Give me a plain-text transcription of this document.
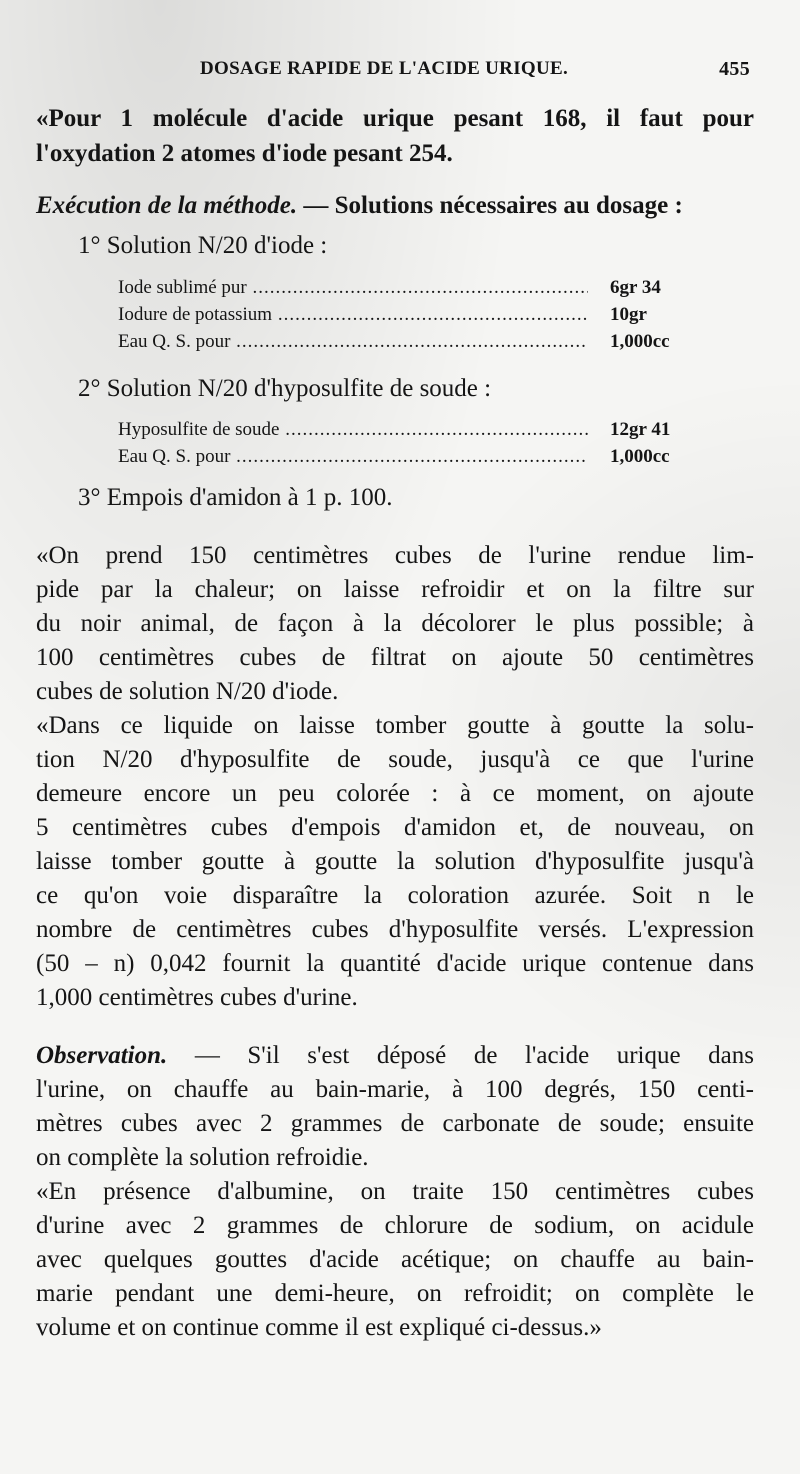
DOSAGE RAPIDE DE L'ACIDE URIQUE.	455
«Pour 1 molécule d'acide urique pesant 168, il faut pour
l'oxydation 2 atomes d'iode pesant 254.
Exécution de la méthode. — Solutions nécessaires au dosage :
1° Solution N/20 d'iode :
Iode sublimé pur .....	6gr 34
Iodure de potassium .....	10gr
Eau Q. S. pour .....	1,000cc
2° Solution N/20 d'hyposulfite de soude :
Hyposulfite de soude .....	12gr 41
Eau Q. S. pour .....	1,000cc
3° Empois d'amidon à 1 p. 100.
«On prend 150 centimètres cubes de l'urine rendue lim-
pide par la chaleur; on laisse refroidir et on la filtre sur
du noir animal, de façon à la décolorer le plus possible; à
100 centimètres cubes de filtrat on ajoute 50 centimètres
cubes de solution N/20 d'iode.
«Dans ce liquide on laisse tomber goutte à goutte la solu-
tion N/20 d'hyposulfite de soude, jusqu'à ce que l'urine
demeure encore un peu colorée : à ce moment, on ajoute
5 centimètres cubes d'empois d'amidon et, de nouveau, on
laisse tomber goutte à goutte la solution d'hyposulfite jusqu'à
ce qu'on voie disparaître la coloration azurée. Soit n le
nombre de centimètres cubes d'hyposulfite versés. L'expression
(50 – n) 0,042 fournit la quantité d'acide urique contenue dans
1,000 centimètres cubes d'urine.
Observation. — S'il s'est déposé de l'acide urique dans
l'urine, on chauffe au bain-marie, à 100 degrés, 150 centi-
mètres cubes avec 2 grammes de carbonate de soude; ensuite
on complète la solution refroidie.
«En présence d'albumine, on traite 150 centimètres cubes
d'urine avec 2 grammes de chlorure de sodium, on acidule
avec quelques gouttes d'acide acétique; on chauffe au bain-
marie pendant une demi-heure, on refroidit; on complète le
volume et on continue comme il est expliqué ci-dessus.»
